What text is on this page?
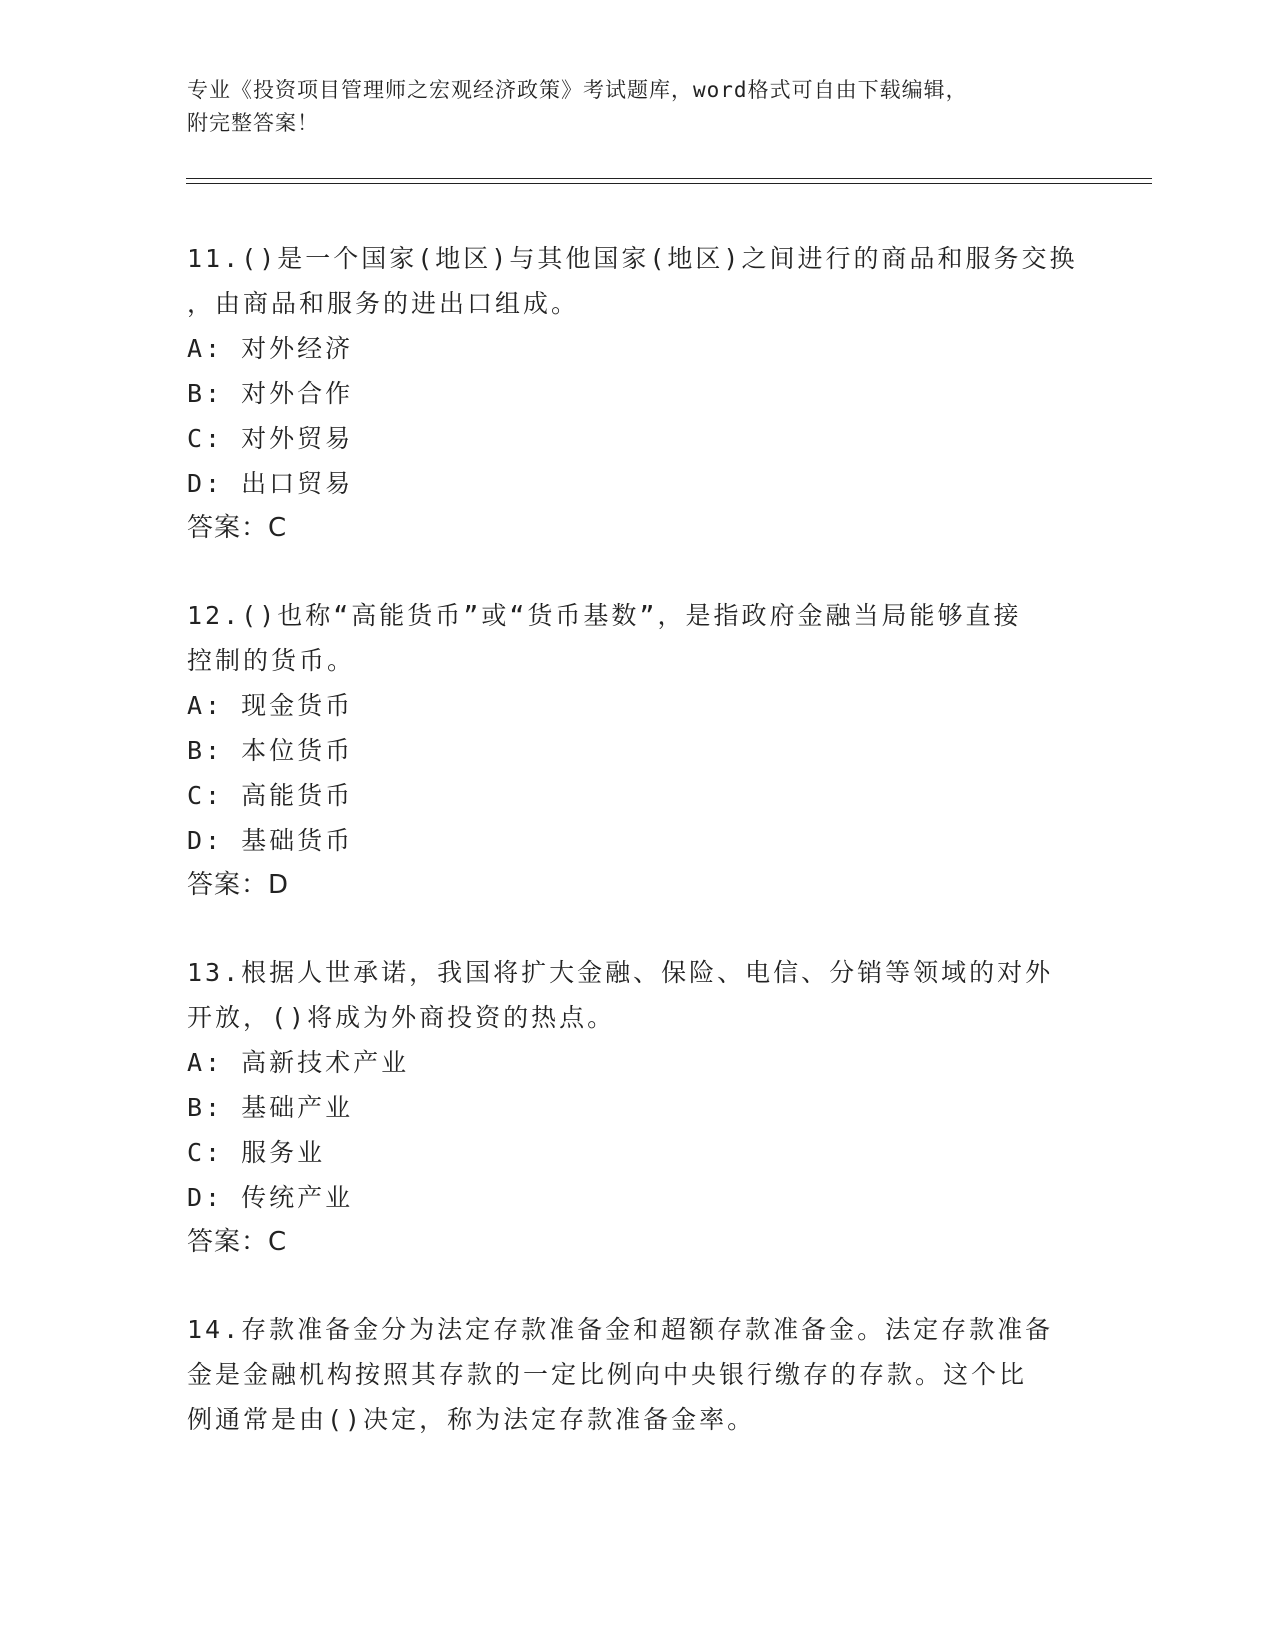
专业《投资项目管理师之宏观经济政策》考试题库，word格式可自由下载编辑，
附完整答案！
11.()是一个国家(地区)与其他国家(地区)之间进行的商品和服务交换
，由商品和服务的进出口组成。
A: 对外经济
B: 对外合作
C: 对外贸易
D: 出口贸易
答案：C
12.()也称“高能货币”或“货币基数”，是指政府金融当局能够直接
控制的货币。
A: 现金货币
B: 本位货币
C: 高能货币
D: 基础货币
答案：D
13.根据人世承诺，我国将扩大金融、保险、电信、分销等领域的对外
开放，()将成为外商投资的热点。
A: 高新技术产业
B: 基础产业
C: 服务业
D: 传统产业
答案：C
14.存款准备金分为法定存款准备金和超额存款准备金。法定存款准备
金是金融机构按照其存款的一定比例向中央银行缴存的存款。这个比
例通常是由()决定，称为法定存款准备金率。
